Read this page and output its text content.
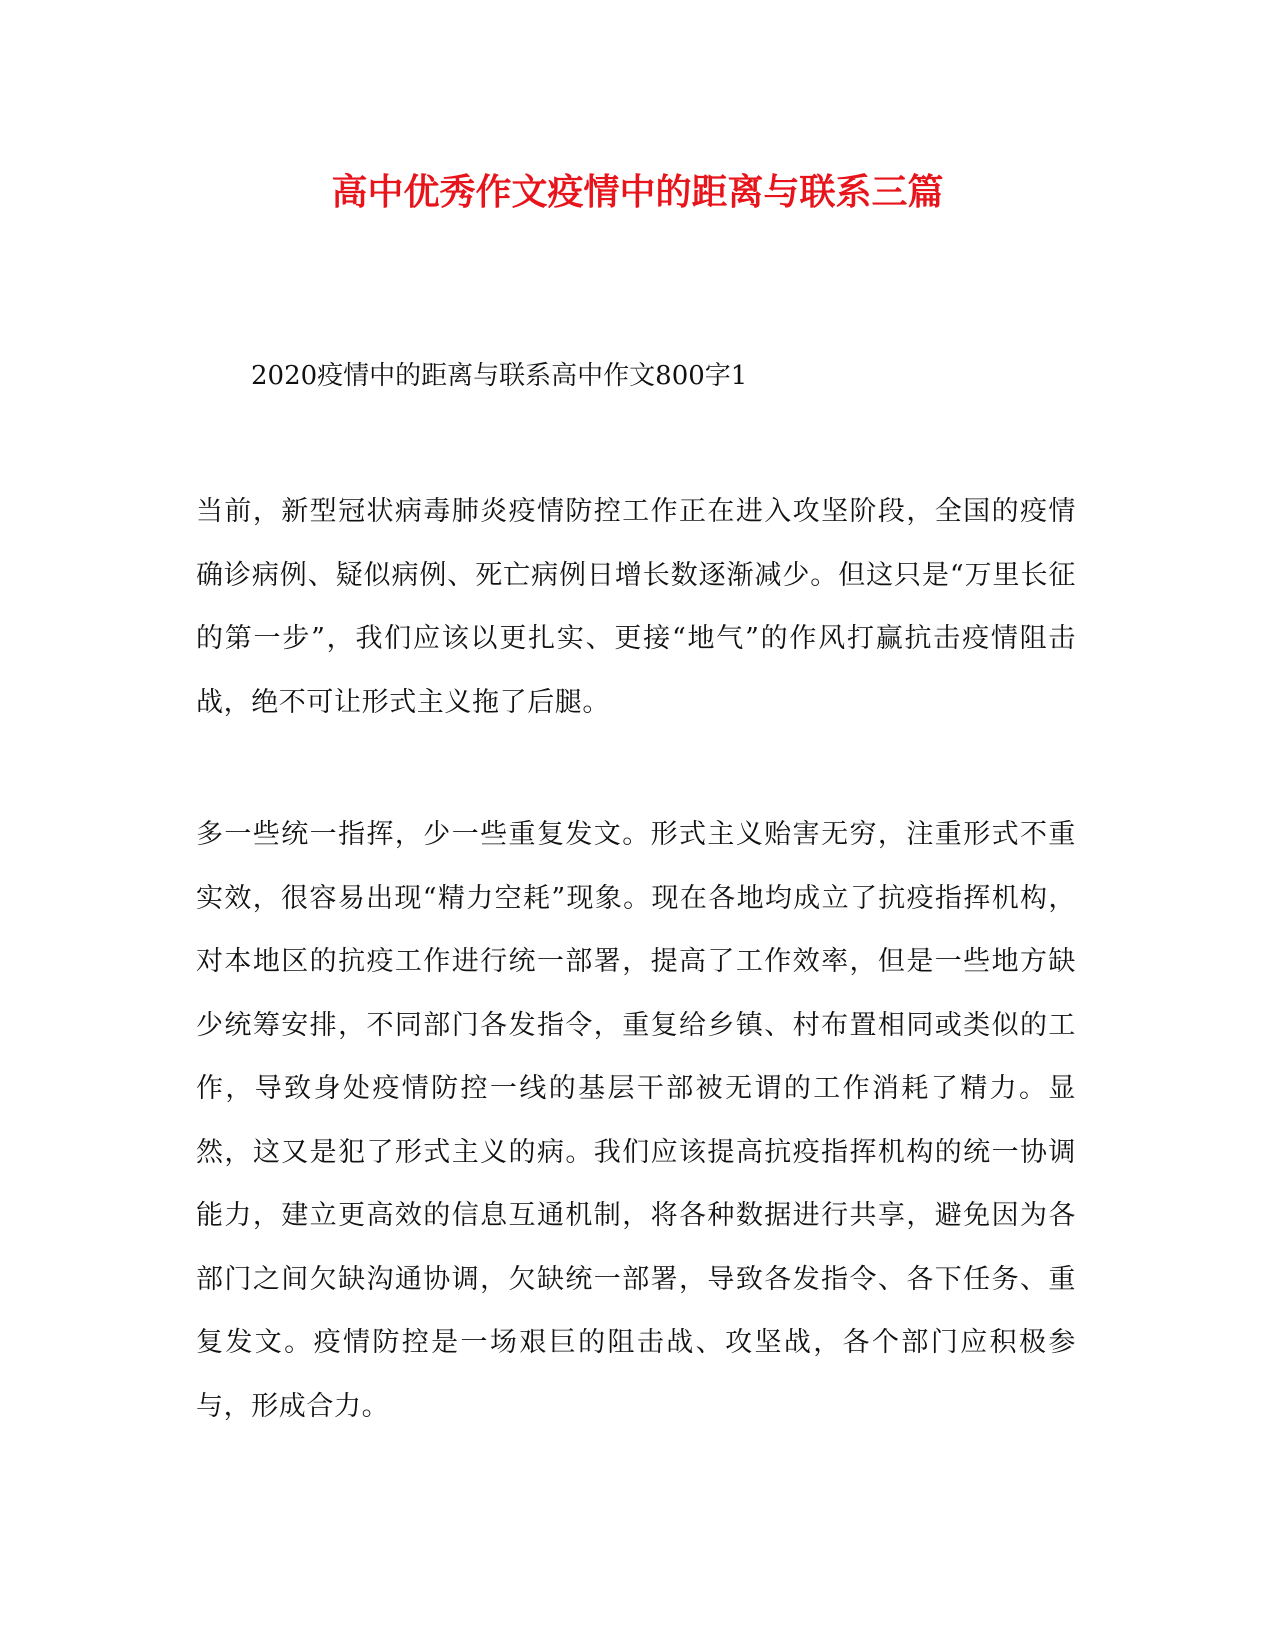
高中优秀作文疫情中的距离与联系三篇

2020疫情中的距离与联系高中作文800字1

当前，新型冠状病毒肺炎疫情防控工作正在进入攻坚阶段，全国的疫情确诊病例、疑似病例、死亡病例日增长数逐渐减少。但这只是“万里长征的第一步”，我们应该以更扎实、更接“地气”的作风打赢抗击疫情阻击战，绝不可让形式主义拖了后腿。

多一些统一指挥，少一些重复发文。形式主义贻害无穷，注重形式不重实效，很容易出现“精力空耗”现象。现在各地均成立了抗疫指挥机构，对本地区的抗疫工作进行统一部署，提高了工作效率，但是一些地方缺少统筹安排，不同部门各发指令，重复给乡镇、村布置相同或类似的工作，导致身处疫情防控一线的基层干部被无谓的工作消耗了精力。显然，这又是犯了形式主义的病。我们应该提高抗疫指挥机构的统一协调能力，建立更高效的信息互通机制，将各种数据进行共享，避免因为各部门之间欠缺沟通协调，欠缺统一部署，导致各发指令、各下任务、重复发文。疫情防控是一场艰巨的阻击战、攻坚战，各个部门应积极参与，形成合力。
